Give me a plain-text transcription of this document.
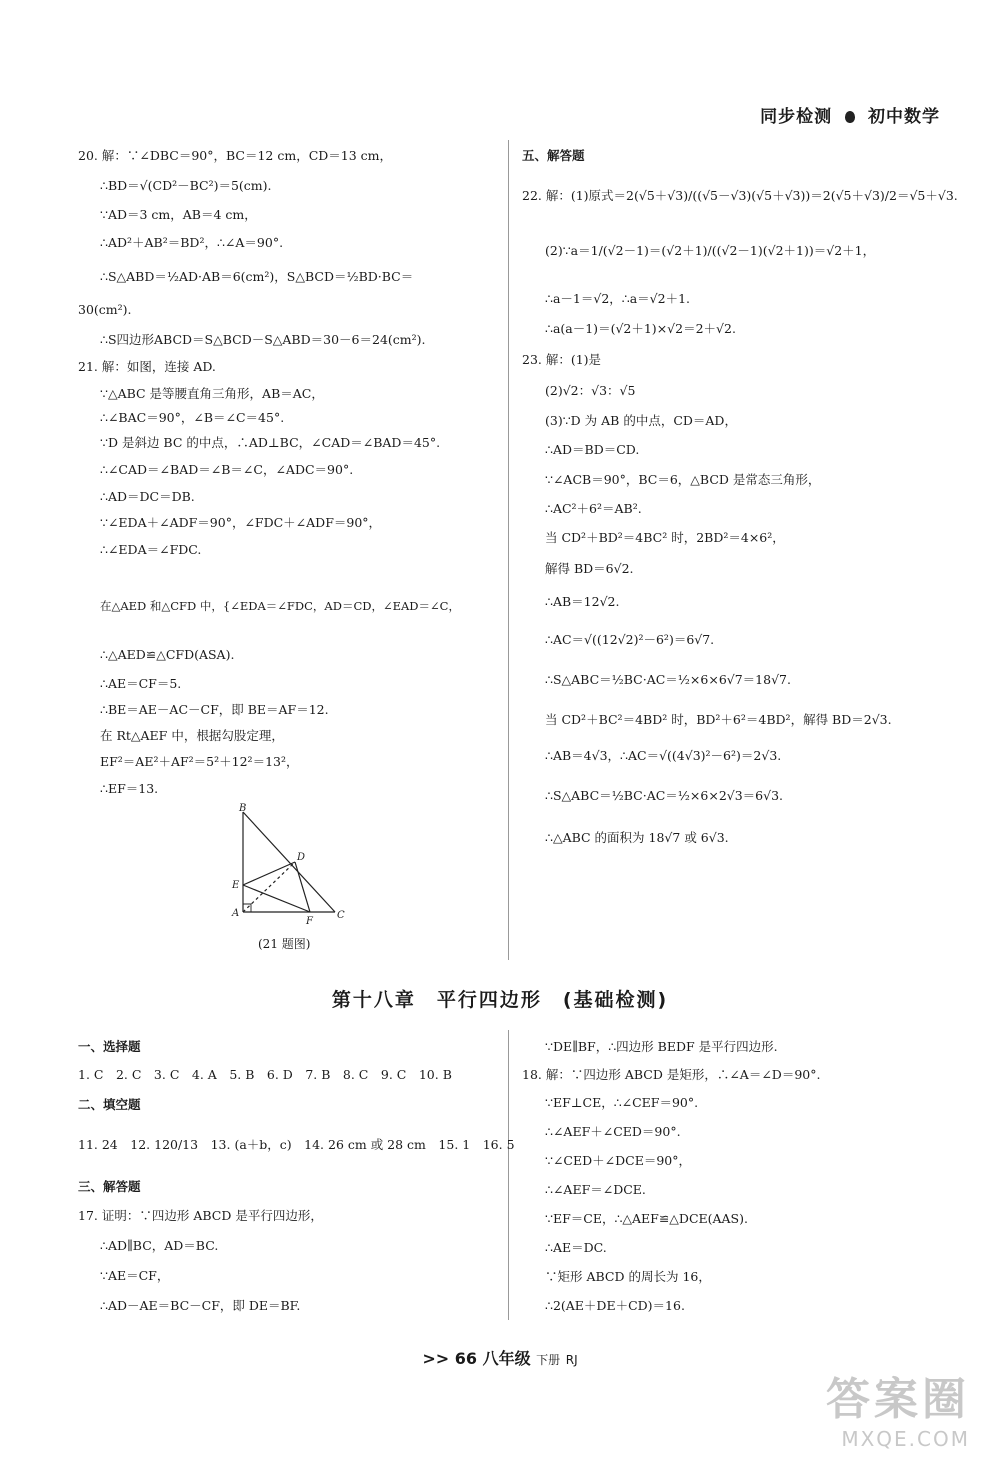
同步检测 初中数学
20. 解：∵∠DBC＝90°，BC＝12 cm，CD＝13 cm，
∴BD＝√(CD²－BC²)＝5(cm).
∵AD＝3 cm，AB＝4 cm，
∴AD²＋AB²＝BD²，∴∠A＝90°.
∴S△ABD＝½AD·AB＝6(cm²)，S△BCD＝½BD·BC＝
30(cm²).
∴S四边形ABCD＝S△BCD－S△ABD＝30－6＝24(cm²).
21. 解：如图，连接 AD.
∵△ABC 是等腰直角三角形，AB＝AC，
∴∠BAC＝90°，∠B＝∠C＝45°.
∵D 是斜边 BC 的中点，∴AD⊥BC，∠CAD＝∠BAD＝45°.
∴∠CAD＝∠BAD＝∠B＝∠C，∠ADC＝90°.
∴AD＝DC＝DB.
∵∠EDA＋∠ADF＝90°，∠FDC＋∠ADF＝90°，
∴∠EDA＝∠FDC.
在△AED 和△CFD 中，{∠EDA＝∠FDC，AD＝CD，∠EAD＝∠C，
∴△AED≌△CFD(ASA).
∴AE＝CF＝5.
∴BE＝AE－AC－CF，即 BE＝AF＝12.
在 Rt△AEF 中，根据勾股定理，
EF²＝AE²＋AF²＝5²＋12²＝13²，
∴EF＝13.
B
D
E
A
F
C
(21 题图)
五、解答题
22. 解：(1)原式＝2(√5＋√3)/((√5－√3)(√5＋√3))＝2(√5＋√3)/2＝√5＋√3.
(2)∵a＝1/(√2－1)＝(√2＋1)/((√2－1)(√2＋1))＝√2＋1，
∴a－1＝√2，∴a＝√2＋1.
∴a(a－1)＝(√2＋1)×√2＝2＋√2.
23. 解：(1)是
(2)√2：√3：√5
(3)∵D 为 AB 的中点，CD＝AD，
∴AD＝BD＝CD.
∵∠ACB＝90°，BC＝6，△BCD 是常态三角形，
∴AC²＋6²＝AB².
当 CD²＋BD²＝4BC² 时，2BD²＝4×6²，
解得 BD＝6√2.
∴AB＝12√2.
∴AC＝√((12√2)²－6²)＝6√7.
∴S△ABC＝½BC·AC＝½×6×6√7＝18√7.
当 CD²＋BC²＝4BD² 时，BD²＋6²＝4BD²，解得 BD＝2√3.
∴AB＝4√3，∴AC＝√((4√3)²－6²)＝2√3.
∴S△ABC＝½BC·AC＝½×6×2√3＝6√3.
∴△ABC 的面积为 18√7 或 6√3.
第十八章　平行四边形　(基础检测)
一、选择题
1. C　2. C　3. C　4. A　5. B　6. D　7. B　8. C　9. C　10. B
二、填空题
11. 24　12. 120/13　13. (a＋b，c)　14. 26 cm 或 28 cm　15. 1　16. 5
三、解答题
17. 证明：∵四边形 ABCD 是平行四边形，
∴AD∥BC，AD＝BC.
∵AE＝CF，
∴AD－AE＝BC－CF，即 DE＝BF.
∵DE∥BF，∴四边形 BEDF 是平行四边形.
18. 解：∵四边形 ABCD 是矩形，∴∠A＝∠D＝90°.
∵EF⊥CE，∴∠CEF＝90°.
∴∠AEF＋∠CED＝90°.
∵∠CED＋∠DCE＝90°，
∴∠AEF＝∠DCE.
∵EF＝CE，∴△AEF≌△DCE(AAS).
∴AE＝DC.
∵矩形 ABCD 的周长为 16，
∴2(AE＋DE＋CD)＝16.
>> 66 八年级 下册 RJ
答案圈
MXQE.COM
